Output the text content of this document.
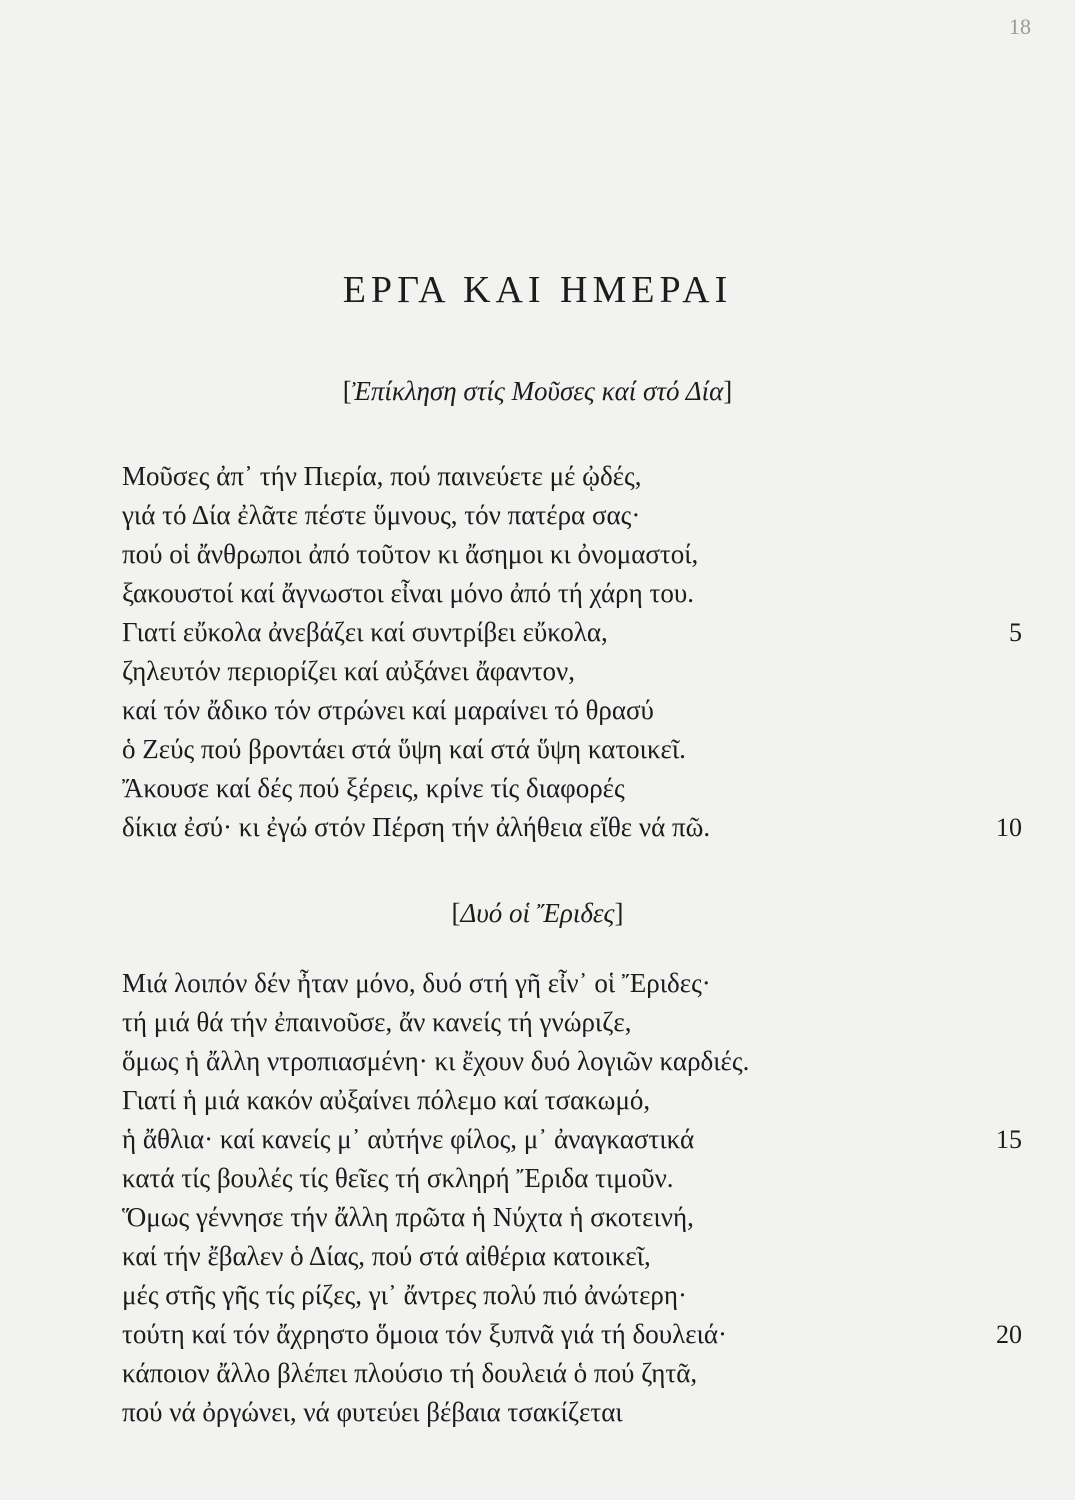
18
ΕΡΓΑ ΚΑΙ ΗΜΕΡΑΙ
[Ἐπίκληση στίς Μοῦσες καί στό Δία]
Μοῦσες ἀπ᾽ τήν Πιερία, πού παινεύετε μέ ᾠδές,
γιά τό Δία ἐλᾶτε πέστε ὕμνους, τόν πατέρα σας·
πού οἱ ἄνθρωποι ἀπό τοῦτον κι ἄσημοι κι ὀνομαστοί,
ξακουστοί καί ἄγνωστοι εἶναι μόνο ἀπό τή χάρη του.
Γιατί εὔκολα ἀνεβάζει καί συντρίβει εὔκολα,	5
ζηλευτόν περιορίζει καί αὐξάνει ἄφαντον,
καί τόν ἄδικο τόν στρώνει καί μαραίνει τό θρασύ
ὁ Ζεύς πού βροντάει στά ὕψη καί στά ὕψη κατοικεῖ.
Ἄκουσε καί δές πού ξέρεις, κρίνε τίς διαφορές
δίκια ἐσύ· κι ἐγώ στόν Πέρση τήν ἀλήθεια εἴθε νά πῶ.	10
[Δυό οἱ Ἔριδες]
Μιά λοιπόν δέν ἦταν μόνο, δυό στή γῆ εἶν᾽ οἱ Ἔριδες·
τή μιά θά τήν ἐπαινοῦσε, ἄν κανείς τή γνώριζε,
ὅμως ἡ ἄλλη ντροπιασμένη· κι ἔχουν δυό λογιῶν καρδιές.
Γιατί ἡ μιά κακόν αὐξαίνει πόλεμο καί τσακωμό,
ἡ ἄθλια· καί κανείς μ᾽ αὐτήνε φίλος, μ᾽ ἀναγκαστικά	15
κατά τίς βουλές τίς θεῖες τή σκληρή Ἔριδα τιμοῦν.
Ὅμως γέννησε τήν ἄλλη πρῶτα ἡ Νύχτα ἡ σκοτεινή,
καί τήν ἔβαλεν ὁ Δίας, πού στά αἰθέρια κατοικεῖ,
μές στῆς γῆς τίς ρίζες, γι᾽ ἄντρες πολύ πιό ἀνώτερη·
τούτη καί τόν ἄχρηστο ὅμοια τόν ξυπνᾶ γιά τή δουλειά·	20
κάποιον ἄλλο βλέπει πλούσιο τή δουλειά ὁ πού ζητᾶ,
πού νά ὀργώνει, νά φυτεύει βέβαια τσακίζεται
